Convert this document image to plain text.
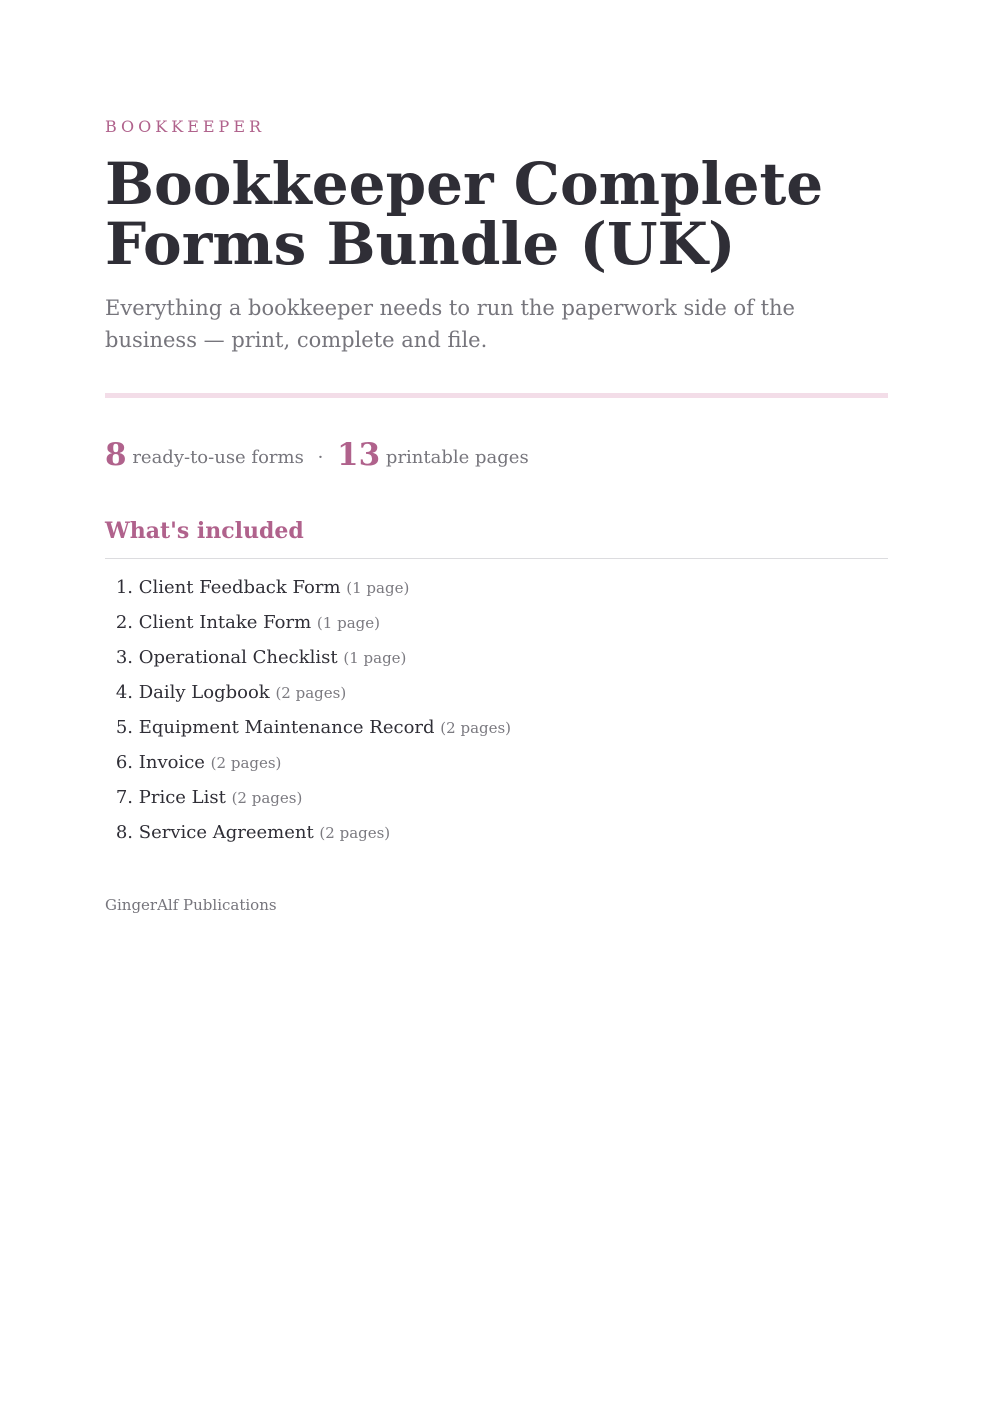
BOOKKEEPER
Bookkeeper Complete Forms Bundle (UK)

Everything a bookkeeper needs to run the paperwork side of the business — print, complete and file.

8 ready-to-use forms · 13 printable pages
What's included
1. Client Feedback Form (1 page)
2. Client Intake Form (1 page)
3. Operational Checklist (1 page)
4. Daily Logbook (2 pages)
5. Equipment Maintenance Record (2 pages)
6. Invoice (2 pages)
7. Price List (2 pages)
8. Service Agreement (2 pages)
GingerAlf Publications
